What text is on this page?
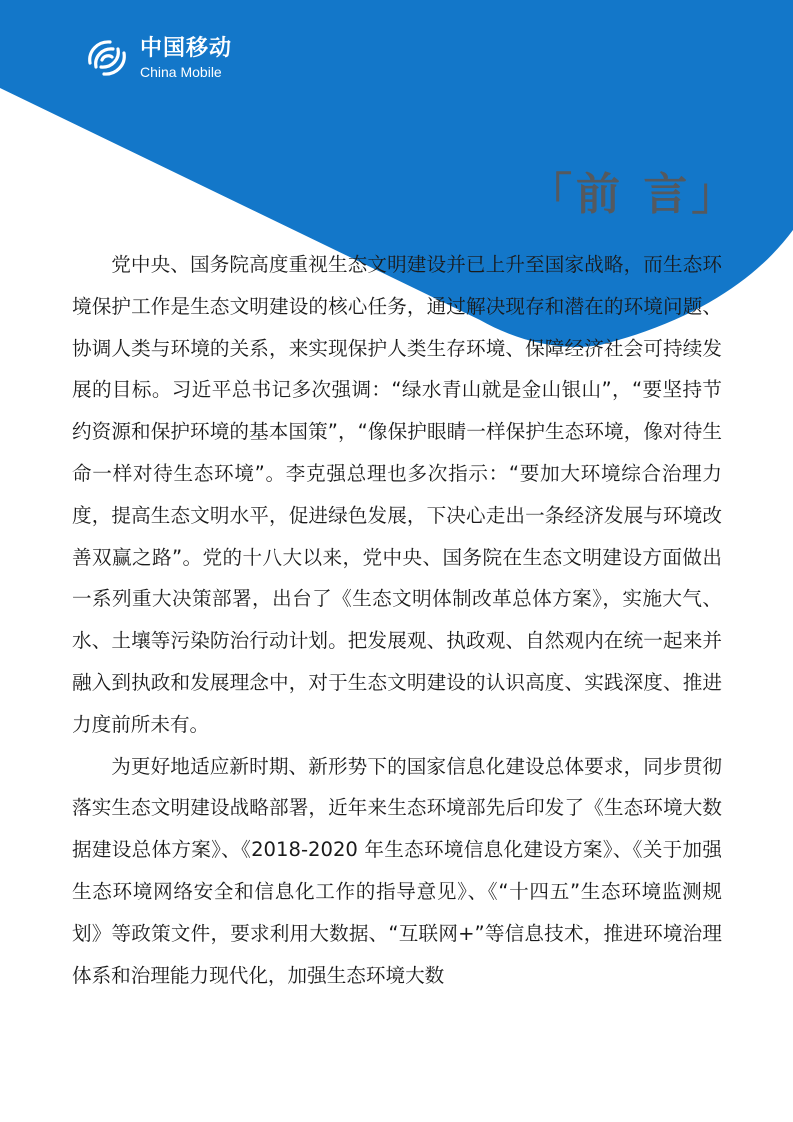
中国移动
China Mobile
「前 言」

党中央、国务院高度重视生态文明建设并已上升至国家战略，而生态环境保护工作是生态文明建设的核心任务，通过解决现存和潜在的环境问题、协调人类与环境的关系，来实现保护人类生存环境、保障经济社会可持续发展的目标。习近平总书记多次强调：“绿水青山就是金山银山”，“要坚持节约资源和保护环境的基本国策”，“像保护眼睛一样保护生态环境，像对待生命一样对待生态环境”。李克强总理也多次指示：“要加大环境综合治理力度，提高生态文明水平，促进绿色发展，下决心走出一条经济发展与环境改善双赢之路”。党的十八大以来，党中央、国务院在生态文明建设方面做出一系列重大决策部署，出台了《生态文明体制改革总体方案》，实施大气、水、土壤等污染防治行动计划。把发展观、执政观、自然观内在统一起来并融入到执政和发展理念中，对于生态文明建设的认识高度、实践深度、推进力度前所未有。

为更好地适应新时期、新形势下的国家信息化建设总体要求，同步贯彻落实生态文明建设战略部署，近年来生态环境部先后印发了《生态环境大数据建设总体方案》、《2018-2020 年生态环境信息化建设方案》、《关于加强生态环境网络安全和信息化工作的指导意见》、《“十四五”生态环境监测规划》等政策文件，要求利用大数据、“互联网+”等信息技术，推进环境治理体系和治理能力现代化，加强生态环境大数
